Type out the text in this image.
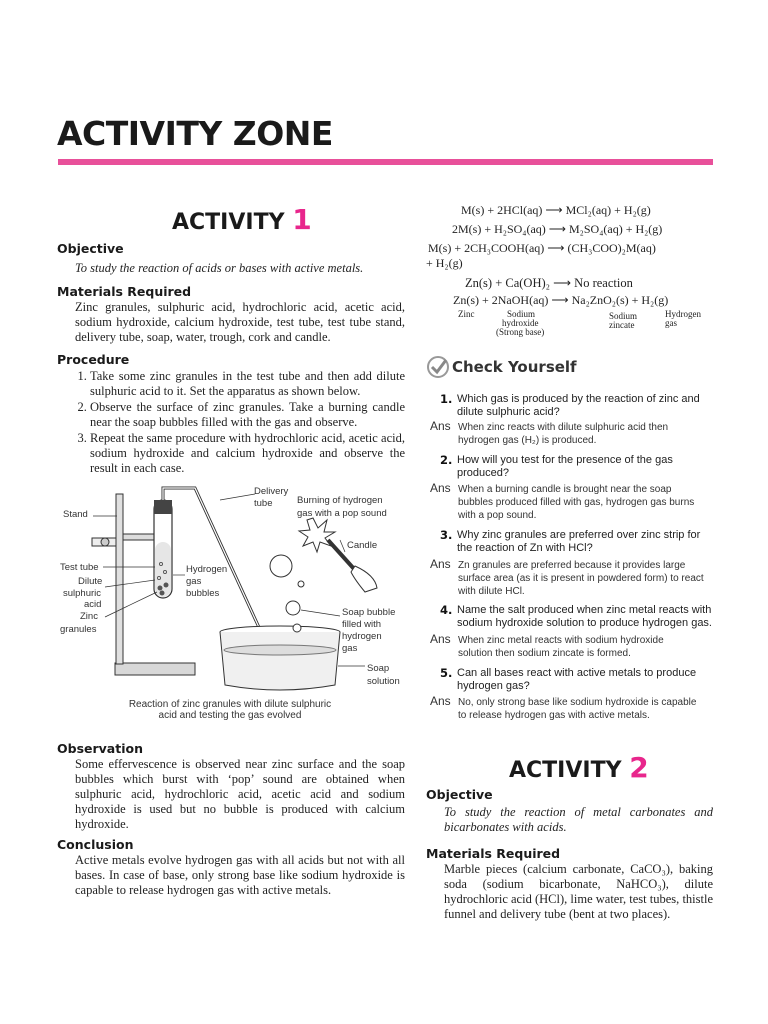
ACTIVITY ZONE
ACTIVITY 1
Objective
To study the reaction of acids or bases with active metals.
Materials Required
Zinc granules, sulphuric acid, hydrochloric acid, acetic acid, sodium hydroxide, calcium hydroxide, test tube, test tube stand, delivery tube, soap, water, trough, cork and candle.
Procedure
1. Take some zinc granules in the test tube and then add dilute sulphuric acid to it. Set the apparatus as shown below.
2. Observe the surface of zinc granules. Take a burning candle near the soap bubbles filled with the gas and observe.
3. Repeat the same procedure with hydrochloric acid, acetic acid, sodium hydroxide and calcium hydroxide and observe the result in each case.
Stand
Delivery
tube	Burning of hydrogen
gas with a pop sound
Candle
Test tube
Dilute
sulphuric
acid
Zinc
granules
Hydrogen
gas
bubbles
Soap bubble
filled with
hydrogen
gas
Soap
solution
Reaction of zinc granules with dilute sulphuric
acid and testing the gas evolved
Observation
Some effervescence is observed near zinc surface and the soap bubbles which burst with ‘pop’ sound are obtained when sulphuric acid, hydrochloric acid, acetic acid and sodium hydroxide is used but no bubble is produced with calcium hydroxide.
Conclusion
Active metals evolve hydrogen gas with all acids but not with all bases. In case of base, only strong base like sodium hydroxide is capable to release hydrogen gas with active metals.
M(s) + 2HCl(aq) ⟶ MCl₂(aq) + H₂(g)
2M(s) + H₂SO₄(aq) ⟶ M₂SO₄(aq) + H₂(g)
M(s) + 2CH₃COOH(aq) ⟶ (CH₃COO)₂M(aq)
+ H₂(g)
Zn(s) + Ca(OH)₂ ⟶ No reaction
Zn(s) + 2NaOH(aq) ⟶ Na₂ZnO₂(s) + H₂(g)
Zinc	Sodium
hydroxide
(Strong base)
Sodium
zincate
Hydrogen
gas
Check Yourself
1. Which gas is produced by the reaction of zinc and
dilute sulphuric acid?
Ans When zinc reacts with dilute sulphuric acid then
hydrogen gas (H₂) is produced.
2. How will you test for the presence of the gas
produced?
Ans When a burning candle is brought near the soap
bubbles produced filled with gas, hydrogen gas burns
with a pop sound.
3. Why zinc granules are preferred over zinc strip for
the reaction of Zn with HCl?
Ans Zn granules are preferred because it provides large
surface area (as it is present in powdered form) to react
with dilute HCl.
4. Name the salt produced when zinc metal reacts with
sodium hydroxide solution to produce hydrogen gas.
Ans When zinc metal reacts with sodium hydroxide
solution then sodium zincate is formed.
5. Can all bases react with active metals to produce
hydrogen gas?
Ans No, only strong base like sodium hydroxide is capable
to release hydrogen gas with active metals.
ACTIVITY 2
Objective
To study the reaction of metal carbonates and bicarbonates with acids.
Materials Required
Marble pieces (calcium carbonate, CaCO₃), baking soda (sodium bicarbonate, NaHCO₃), dilute hydrochloric acid (HCl), lime water, test tubes, thistle funnel and delivery tube (bent at two places).
